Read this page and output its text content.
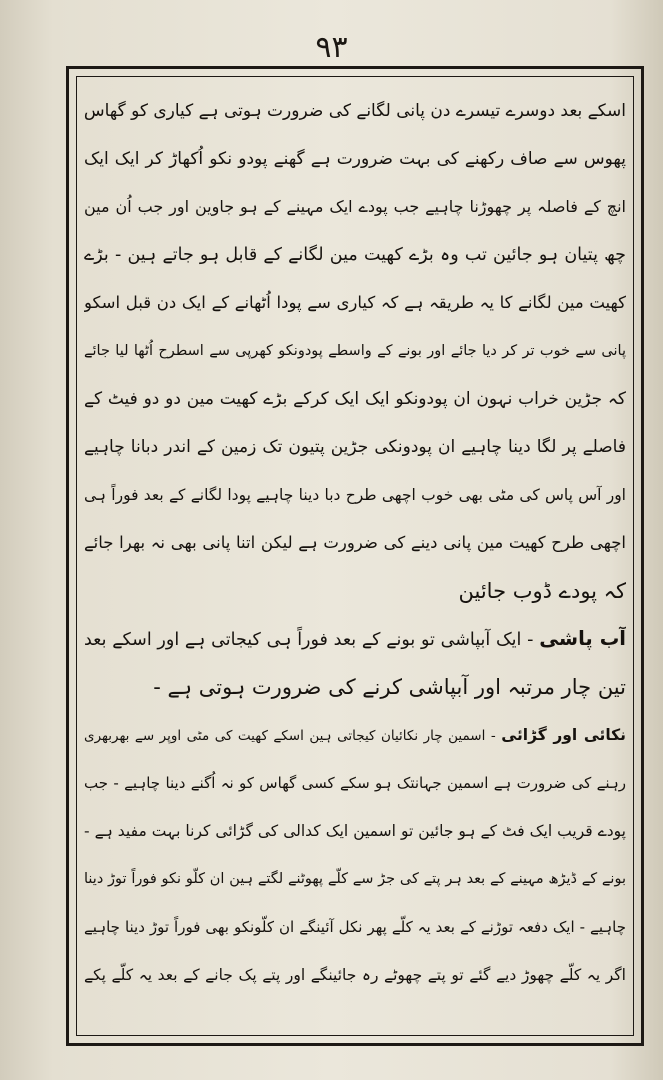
۹۳
اسکے بعد دوسرے تیسرے دن پانی لگانے کی ضرورت ہوتی ہے کیاری کو گھاس
پھوس سے صاف رکھنے کی بہت ضرورت ہے گھنے پودو نکو اُکھاڑ کر ایک ایک
انچ کے فاصلہ پر چھوڑنا چاہیے جب پودے ایک مہینے کے ہو جاوین اور جب اُن مین
چھ پتیان ہو جائین تب وہ بڑے کھیت مین لگانے کے قابل ہو جاتے ہین - بڑے
کھیت مین لگانے کا یہ طریقہ ہے کہ کیاری سے پودا اُٹھانے کے ایک دن قبل اسکو
پانی سے خوب تر کر دیا جائے اور بونے کے واسطے پودونکو کھرپی سے اسطرح اُٹھا لیا جائے
کہ جڑین خراب نہون ان پودونکو ایک ایک کرکے بڑے کھیت مین دو دو فیٹ کے
فاصلے پر لگا دینا چاہیے ان پودونکی جڑین پتیون تک زمین کے اندر دبانا چاہیے
اور آس پاس کی مٹی بھی خوب اچھی طرح دبا دینا چاہیے پودا لگانے کے بعد فوراً ہی
اچھی طرح کھیت مین پانی دینے کی ضرورت ہے لیکن اتنا پانی بھی نہ بھرا جائے
کہ پودے ڈوب جائین
آب پاشی - ایک آبپاشی تو بونے کے بعد فوراً ہی کیجاتی ہے اور اسکے بعد
تین چار مرتبہ اور آبپاشی کرنے کی ضرورت ہوتی ہے -
نکائی اور گڑائی - اسمین چار نکائیان کیجاتی ہین اسکے کھیت کی مٹی اوپر سے بھربھری
رہنے کی ضرورت ہے اسمین جہانتک ہو سکے کسی گھاس کو نہ اُگنے دینا چاہیے - جب
پودے قریب ایک فٹ کے ہو جائین تو اسمین ایک کدالی کی گڑائی کرنا بہت مفید ہے -
بونے کے ڈیڑھ مہینے کے بعد ہر پتے کی جڑ سے کلّے پھوٹنے لگتے ہین ان کلّو نکو فوراً توڑ دینا
چاہیے - ایک دفعہ توڑنے کے بعد یہ کلّے پھر نکل آئینگے ان کلّونکو بھی فوراً توڑ دینا چاہیے
اگر یہ کلّے چھوڑ دیے گئے تو پتے چھوٹے رہ جائینگے اور پتے پک جانے کے بعد یہ کلّے پکے
